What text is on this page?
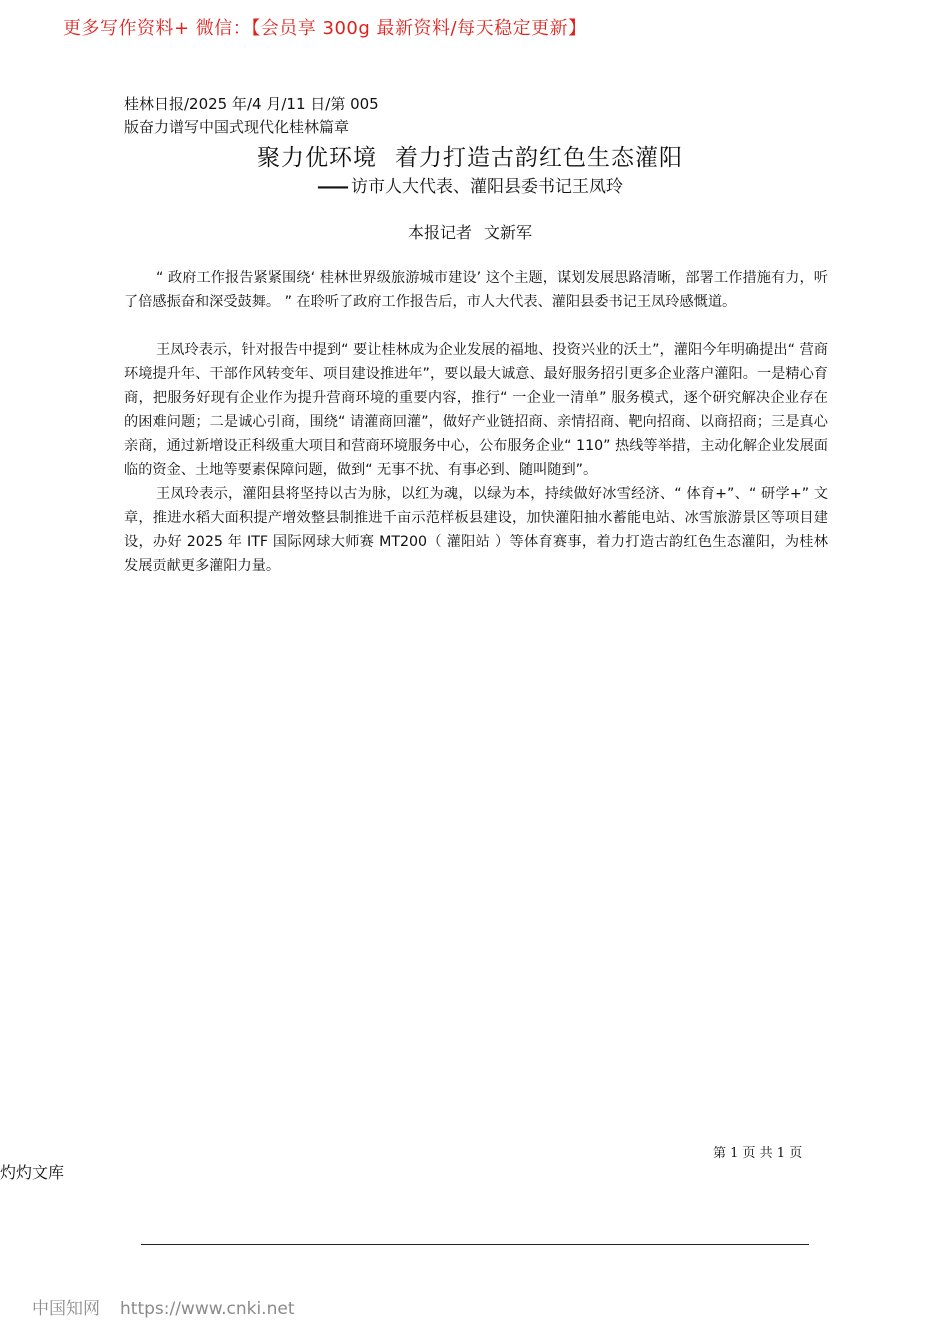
更多写作资料+ 微信：【会员享 300g 最新资料/每天稳定更新】
桂林日报/2025 年/4 月/11 日/第 005
版奋力谱写中国式现代化桂林篇章
聚力优环境 着力打造古韵红色生态灌阳
—— 访市人大代表、灌阳县委书记王凤玲
本报记者 文新军

“ 政府工作报告紧紧围绕‘ 桂林世界级旅游城市建设’ 这个主题，谋划发展思路清晰，部署工作措施有力，听了倍感振奋和深受鼓舞。 ” 在聆听了政府工作报告后，市人大代表、灌阳县委书记王凤玲感慨道。

王凤玲表示，针对报告中提到“ 要让桂林成为企业发展的福地、投资兴业的沃土”，灌阳今年明确提出“ 营商环境提升年、干部作风转变年、项目建设推进年”，要以最大诚意、最好服务招引更多企业落户灌阳。一是精心育商，把服务好现有企业作为提升营商环境的重要内容，推行“ 一企业一清单” 服务模式，逐个研究解决企业存在的困难问题；二是诚心引商，围绕“ 请灌商回灌”，做好产业链招商、亲情招商、靶向招商、以商招商；三是真心亲商，通过新增设正科级重大项目和营商环境服务中心，公布服务企业“ 110” 热线等举措，主动化解企业发展面临的资金、土地等要素保障问题，做到“ 无事不扰、有事必到、随叫随到”。

王凤玲表示，灌阳县将坚持以古为脉，以红为魂，以绿为本，持续做好冰雪经济、“ 体育+”、“ 研学+” 文章，推进水稻大面积提产增效整县制推进千亩示范样板县建设，加快灌阳抽水蓄能电站、冰雪旅游景区等项目建设，办好 2025 年 ITF 国际网球大师赛 MT200（ 灌阳站 ）等体育赛事，着力打造古韵红色生态灌阳，为桂林发展贡献更多灌阳力量。

第 1 页 共 1 页
灼灼文库
中国知网 https://www.cnki.net
